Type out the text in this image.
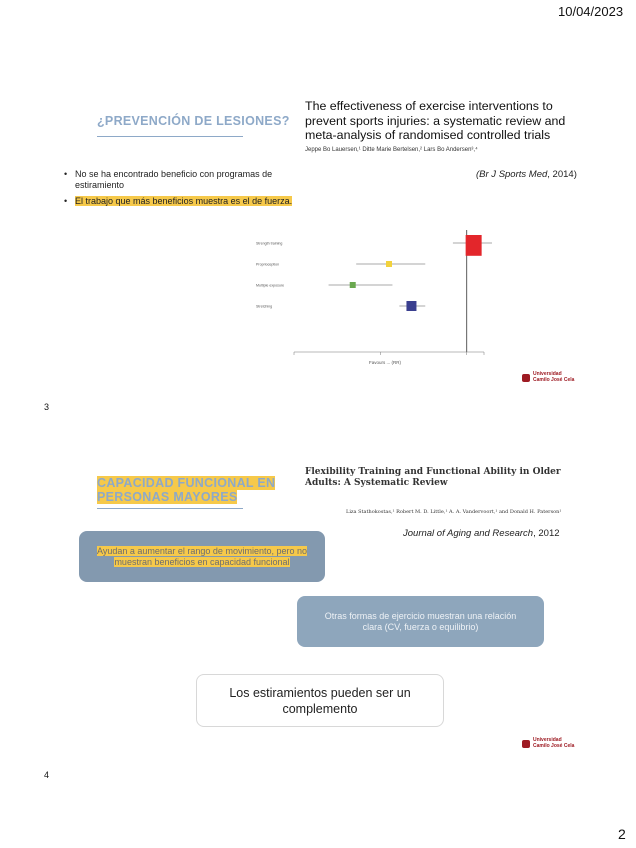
10/04/2023
¿PREVENCIÓN DE LESIONES?
The effectiveness of exercise interventions to prevent sports injuries: a systematic review and meta-analysis of randomised controlled trials
Jeppe Bo Lauersen,¹ Ditte Marie Bertelsen,² Lars Bo Andersen³,⁴
(Br J Sports Med, 2014)
• No se ha encontrado beneficio con programas de estiramiento
• El trabajo que más beneficios muestra es el de fuerza.
Favours ... (RR)
Strength training
Proprioception
Multiple exposure
Stretching
Universidad Camilo José Cela
3
CAPACIDAD FUNCIONAL EN
PERSONAS MAYORES
Flexibility Training and Functional Ability in Older Adults: A Systematic Review
Liza Stathokostas,¹ Robert M. D. Little,¹ A. A. Vandervoort,¹ and Donald H. Paterson¹
Journal of Aging and Research, 2012
Ayudan a aumentar el rango de movimiento, pero no muestran beneficios en capacidad funcional
Otras formas de ejercicio muestran una relación clara (CV, fuerza o equilibrio)
Los estiramientos pueden ser un complemento
Universidad Camilo José Cela
4
2
